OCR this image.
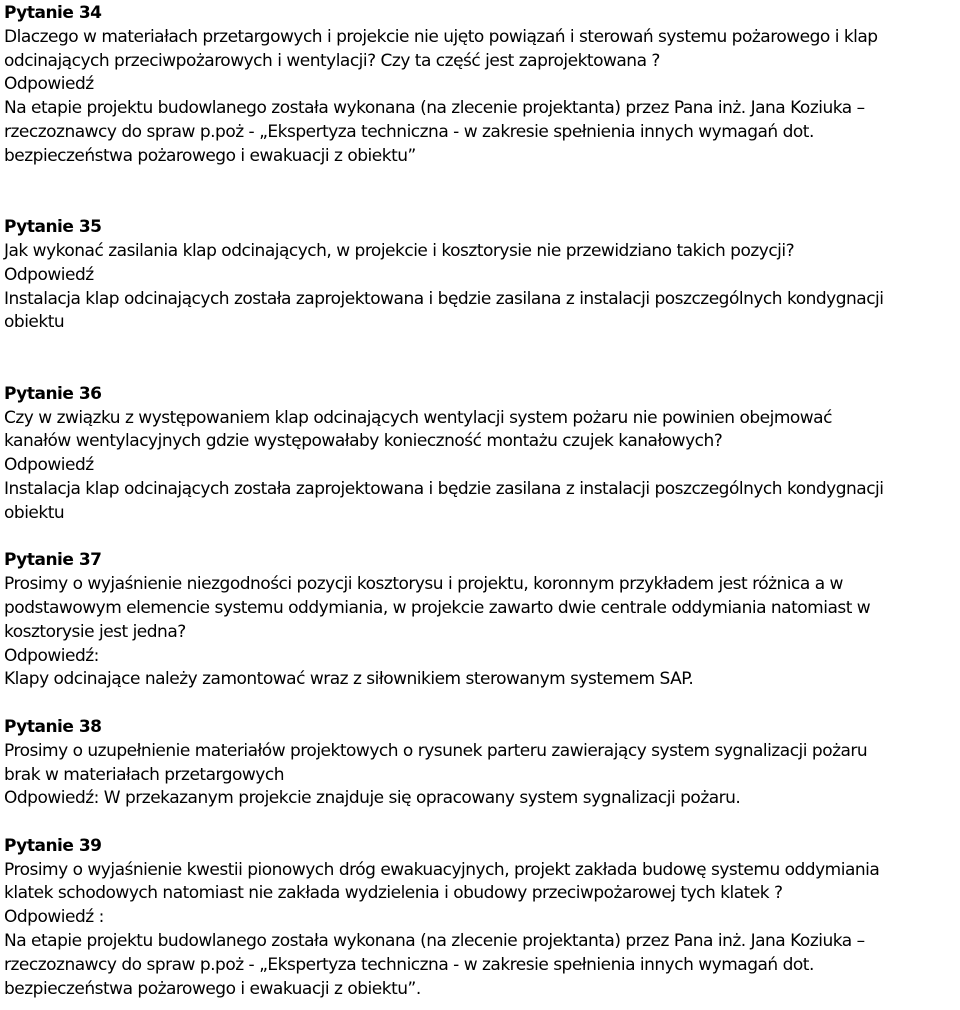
Pytanie 34
Dlaczego w materiałach przetargowych i projekcie nie ujęto powiązań i sterowań systemu pożarowego i klap
odcinających przeciwpożarowych i wentylacji? Czy ta część jest zaprojektowana ?
Odpowiedź
Na etapie projektu budowlanego została wykonana (na zlecenie projektanta) przez Pana inż. Jana Koziuka –
rzeczoznawcy do spraw p.poż - „Ekspertyza techniczna - w zakresie spełnienia innych wymagań dot.
bezpieczeństwa pożarowego i ewakuacji z obiektu”
Pytanie 35
Jak wykonać zasilania klap odcinających, w projekcie i kosztorysie nie przewidziano takich pozycji?
Odpowiedź
Instalacja klap odcinających została zaprojektowana i będzie zasilana z instalacji poszczególnych kondygnacji
obiektu
Pytanie 36
Czy w związku z występowaniem klap odcinających wentylacji system pożaru nie powinien obejmować
kanałów wentylacyjnych gdzie występowałaby konieczność montażu czujek kanałowych?
Odpowiedź
Instalacja klap odcinających została zaprojektowana i będzie zasilana z instalacji poszczególnych kondygnacji
obiektu
Pytanie 37
Prosimy o wyjaśnienie niezgodności pozycji kosztorysu i projektu, koronnym przykładem jest różnica a w
podstawowym elemencie systemu oddymiania, w projekcie zawarto dwie centrale oddymiania natomiast w
kosztorysie jest jedna?
Odpowiedź:
Klapy odcinające należy zamontować wraz z siłownikiem sterowanym systemem SAP.
Pytanie 38
Prosimy o uzupełnienie materiałów projektowych o rysunek parteru zawierający system sygnalizacji pożaru
brak w materiałach przetargowych
Odpowiedź: W przekazanym projekcie znajduje się opracowany system sygnalizacji pożaru.
Pytanie 39
Prosimy o wyjaśnienie kwestii pionowych dróg ewakuacyjnych, projekt zakłada budowę systemu oddymiania
klatek schodowych natomiast nie zakłada wydzielenia i obudowy przeciwpożarowej tych klatek ?
Odpowiedź :
Na etapie projektu budowlanego została wykonana (na zlecenie projektanta) przez Pana inż. Jana Koziuka –
rzeczoznawcy do spraw p.poż - „Ekspertyza techniczna - w zakresie spełnienia innych wymagań dot.
bezpieczeństwa pożarowego i ewakuacji z obiektu”.
